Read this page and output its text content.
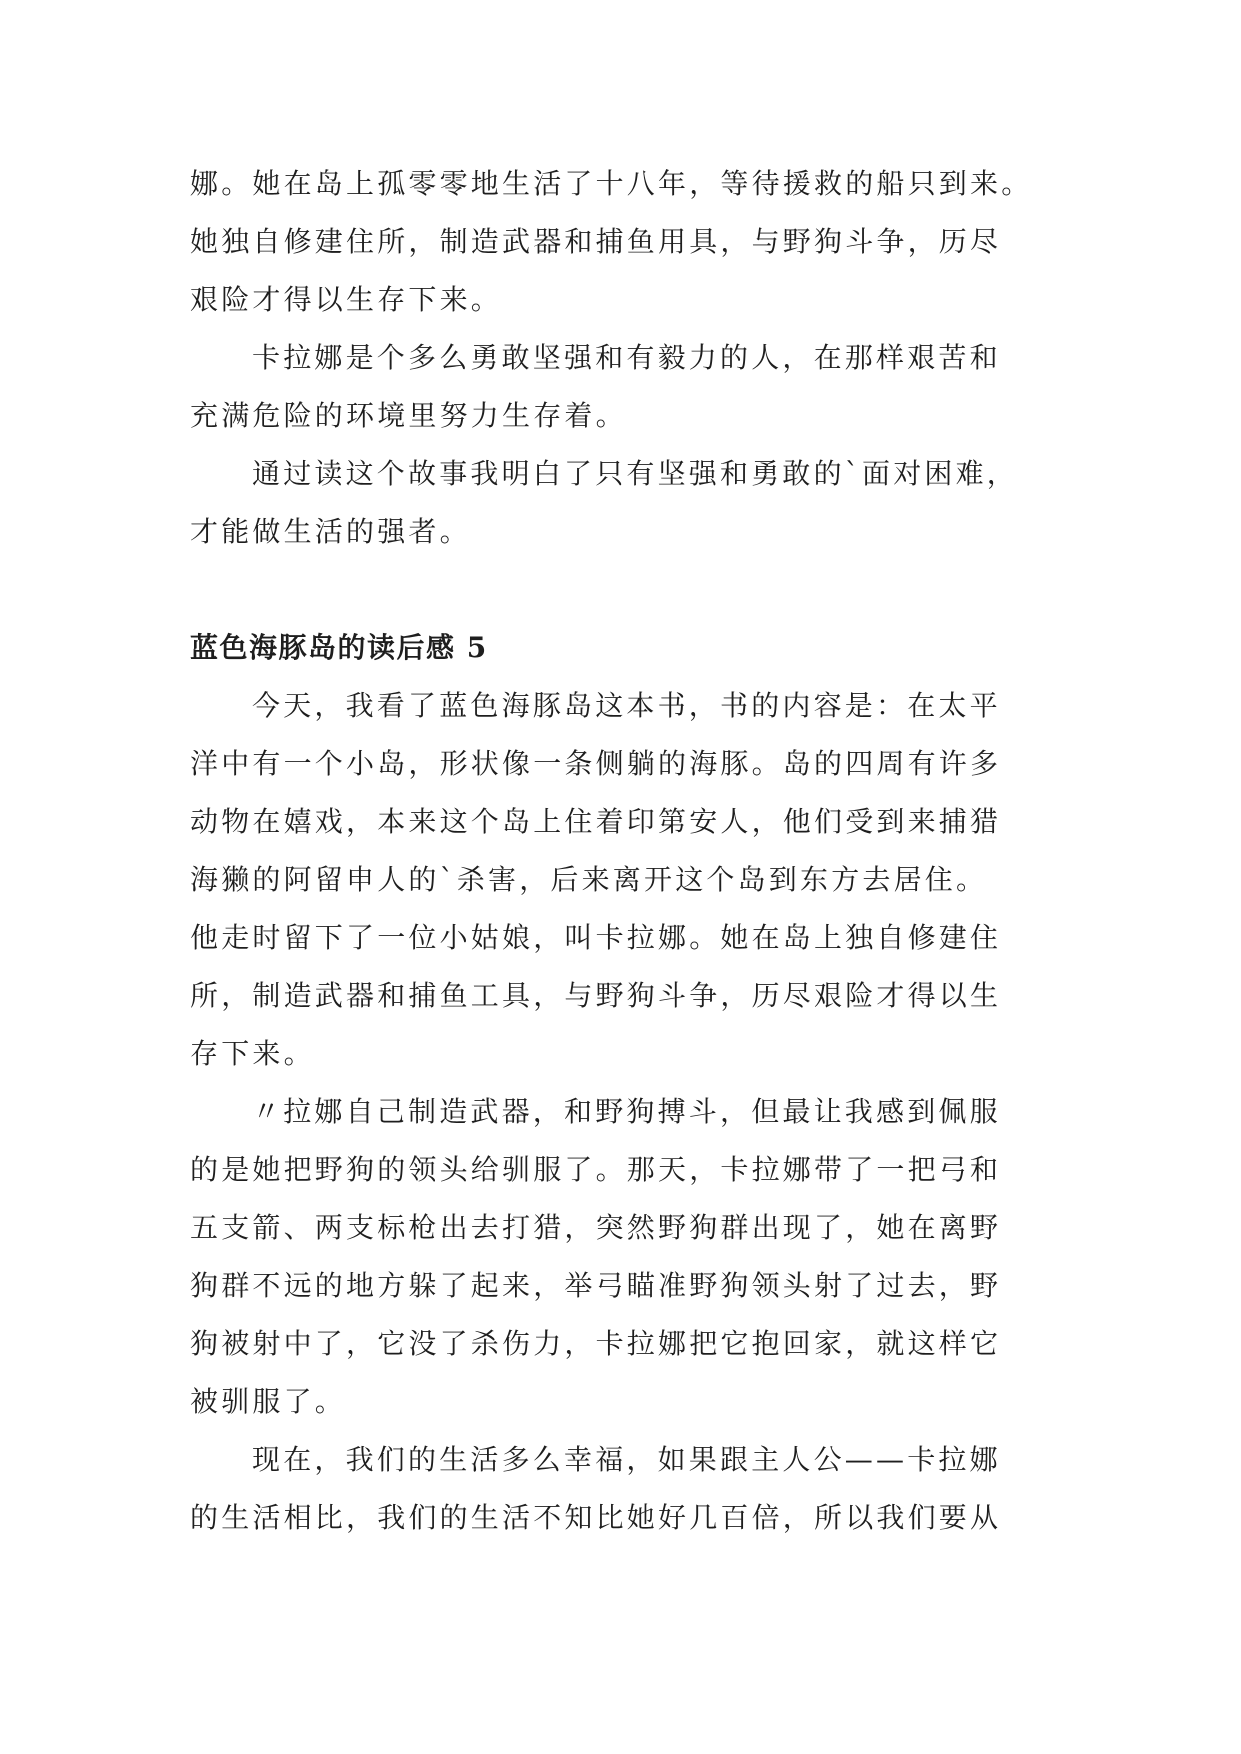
娜。她在岛上孤零零地生活了十八年，等待援救的船只到来。

她独自修建住所，制造武器和捕鱼用具，与野狗斗争，历尽

艰险才得以生存下来。

卡拉娜是个多么勇敢坚强和有毅力的人，在那样艰苦和

充满危险的环境里努力生存着。

通过读这个故事我明白了只有坚强和勇敢的`面对困难，

才能做生活的强者。

蓝色海豚岛的读后感 5

今天，我看了蓝色海豚岛这本书，书的内容是：在太平

洋中有一个小岛，形状像一条侧躺的海豚。岛的四周有许多

动物在嬉戏，本来这个岛上住着印第安人，他们受到来捕猎

海獭的阿留申人的`杀害，后来离开这个岛到东方去居住。

他走时留下了一位小姑娘，叫卡拉娜。她在岛上独自修建住

所，制造武器和捕鱼工具，与野狗斗争，历尽艰险才得以生

存下来。

〃拉娜自己制造武器，和野狗搏斗，但最让我感到佩服

的是她把野狗的领头给驯服了。那天，卡拉娜带了一把弓和

五支箭、两支标枪出去打猎，突然野狗群出现了，她在离野

狗群不远的地方躲了起来，举弓瞄准野狗领头射了过去，野

狗被射中了，它没了杀伤力，卡拉娜把它抱回家，就这样它

被驯服了。

现在，我们的生活多么幸福，如果跟主人公——卡拉娜

的生活相比，我们的生活不知比她好几百倍，所以我们要从
